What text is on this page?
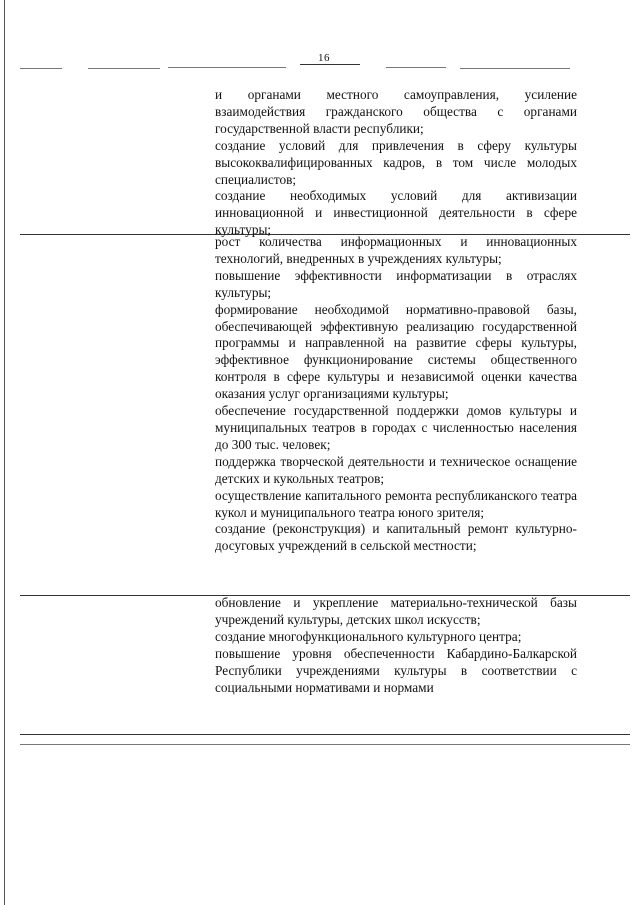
16

и органами местного самоуправления, усиление взаимодействия гражданского общества с органами государственной власти республики;

создание условий для привлечения в сферу культуры высококвалифицированных кадров, в том числе молодых специалистов;

создание необходимых условий для активизации инновационной и инвестиционной деятельности в сфере культуры;

рост количества информационных и инновационных технологий, внедренных в учреждениях культуры;

повышение эффективности информатизации в отраслях культуры;

формирование необходимой нормативно-правовой базы, обеспечивающей эффективную реализацию государственной программы и направленной на развитие сферы культуры, эффективное функционирование системы общественного контроля в сфере культуры и независимой оценки качества оказания услуг организациями культуры;

обеспечение государственной поддержки домов культуры и муниципальных театров в городах с численностью населения до 300 тыс. человек;

поддержка творческой деятельности и техническое оснащение детских и кукольных театров;

осуществление капитального ремонта республиканского театра кукол и муниципального театра юного зрителя;

создание (реконструкция) и капитальный ремонт культурно-досуговых учреждений в сельской местности;

обновление и укрепление материально-технической базы учреждений культуры, детских школ искусств;

создание многофункционального культурного центра;

повышение уровня обеспеченности Кабардино-Балкарской Республики учреждениями культуры в соответствии с социальными нормативами и нормами
